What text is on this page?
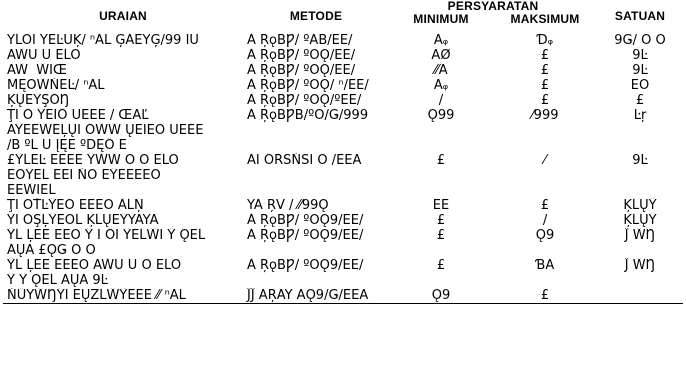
URAIAN	METODE	PERSYARATAN		SATUAN
		MINIMUM	MAKSIMUM	
YĹÖĨ YĒĿŪĶ/ ⁿAL ĢAĒŸĢ/99 ĪŪ	À ŖǫBǷ/ ºAB/ĒĒ/	Aᵩ	Ɗᵩ	9Ǥ/ Ö Ö
ĀŴŪ Ü ĔĹÖ	À ŖǫBǷ/ ºOǪ/ĒĒ/	AǾ	£	9Ŀ
ĀŴ  ŴĪŒ	À ŖǫBǷ/ ºOǪ/ĒĒ/	⁄⁄A	£	9Ŀ
ḾĘŎŴŇĒĿ/ ⁿAL	À ŖǫBǷ/ ºOǪ/ ⁿ/ĒĒ/	Aᵩ	£	ĒÖ
ĶŲĒŸŞŐŊ	À ŖǫBǷ/ ºOǪ/ºĒĒ/	/	£	£
ŢĨ Ő ŶĒĪŐ ÜĒĒĔ / ŒAĽ	À ŖǫBǷB/ºÖ/Ǥ/999	Ǫ99	⁄999	Ŀŗ
ÃŶĔĔŴĒĻŲĪ ŐŴŴ ŲĒĨĒÖ ŪĒĒĒ				
/B ºL Û ĮĘĔ ºDĘŐ Ē				
£ŶĹĒĿ ĒĒĒĔ ŶŴŴ Ŏ Ö ĔĹÖ	ÃĪ ŐŔŜŇŠĨ Ö /ĒĒA	£	⁄	9Ŀ
ĔŎŶĒĹ ĒĒĪ ŇŎ ĒŶĒĔĒĒŎ				
ĒĒŴĪĒĹ				
ŢĨ ŎŤĿŶĒŎ ĒĒĒŎ ÂĹŅ	ŸÃ ŖV / ⁄⁄99Ǫ	ĒĒ	£	ĶĹŲŶ
ŶĪ ŎŞĻŶĔŎĹ ĶĹŲĒŶŸÃŸÃ	À ŖǫBǷ/ ºOǪ9/ĒĒ/	£	/	ĶĹŲŶ
ŶĹ ĻĒĒ ĔĒŎ Ŷ Ĩ ŐĨ ŶĒĹŴĪ Ŷ ǪĒĹ	À ŖǫBǷ/ ºOǪ9/ĒĒ/	£	Ǫ9	Ĵ ŴŊ
ÂŲÃ £ǪǤ Ö Ö				
ŶĹ ĻĒĒ ĒĒĒŎ ĀŴŪ Ü Ö ĔĹÖ	À ŖǫBǷ/ ºOǪ9/ĒĒ/	£	ƁA	Ĵ ŴŊ
Ŷ Ŷ ǪĒĹ ÃŲÃ 9Ŀ				
ŇŰŸŴŊŶĪ ĒŲŻĹŴŶĒĒĒ ⁄⁄ ⁿAL	ĴĴ ÃŖÃŸ ÃǪ9/Ǥ/ĒĒA	Ǫ9	£	
